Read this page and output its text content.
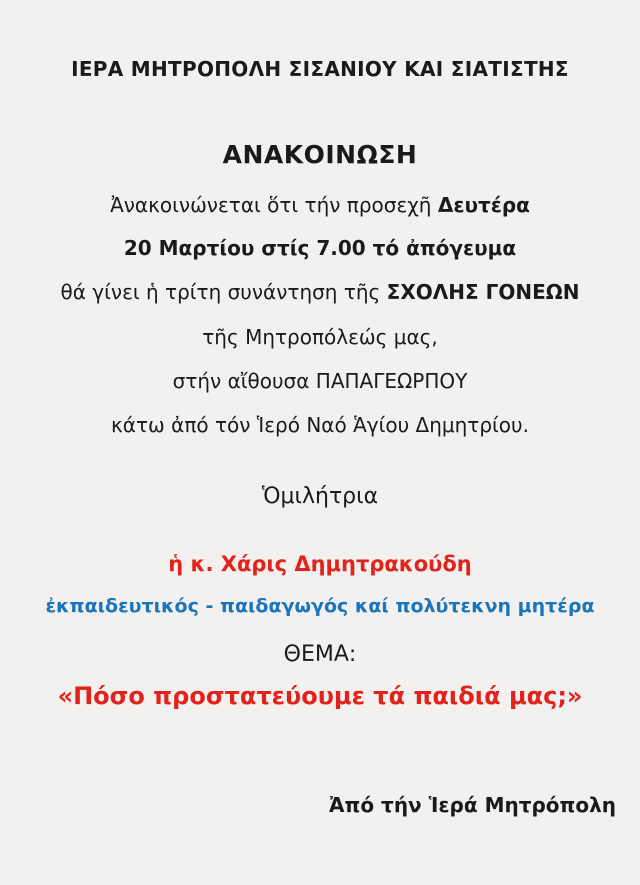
ΙΕΡΑ ΜΗΤΡΟΠΟΛΗ ΣΙΣΑΝΙΟΥ ΚΑΙ ΣΙΑΤΙΣΤΗΣ

ΑΝΑΚΟΙΝΩΣΗ

Ἀνακοινώνεται ὅτι τήν προσεχῆ Δευτέρα

20 Μαρτίου στίς 7.00 τό ἀπόγευμα

θά γίνει ἡ τρίτη συνάντηση τῆς ΣΧΟΛΗΣ ΓΟΝΕΩΝ

τῆς Μητροπόλεώς μας,

στήν αἴθουσα ΠΑΠΑΓΕΩΡΠΟΥ

κάτω ἀπό τόν Ἱερό Ναό Ἁγίου Δημητρίου.

Ὁμιλήτρια

ἡ κ. Χάρις Δημητρακούδη

ἐκπαιδευτικός - παιδαγωγός καί πολύτεκνη μητέρα

ΘΕΜΑ:

«Πόσο προστατεύουμε τά παιδιά μας;»

Ἀπό τήν Ἱερά Μητρόπολη
